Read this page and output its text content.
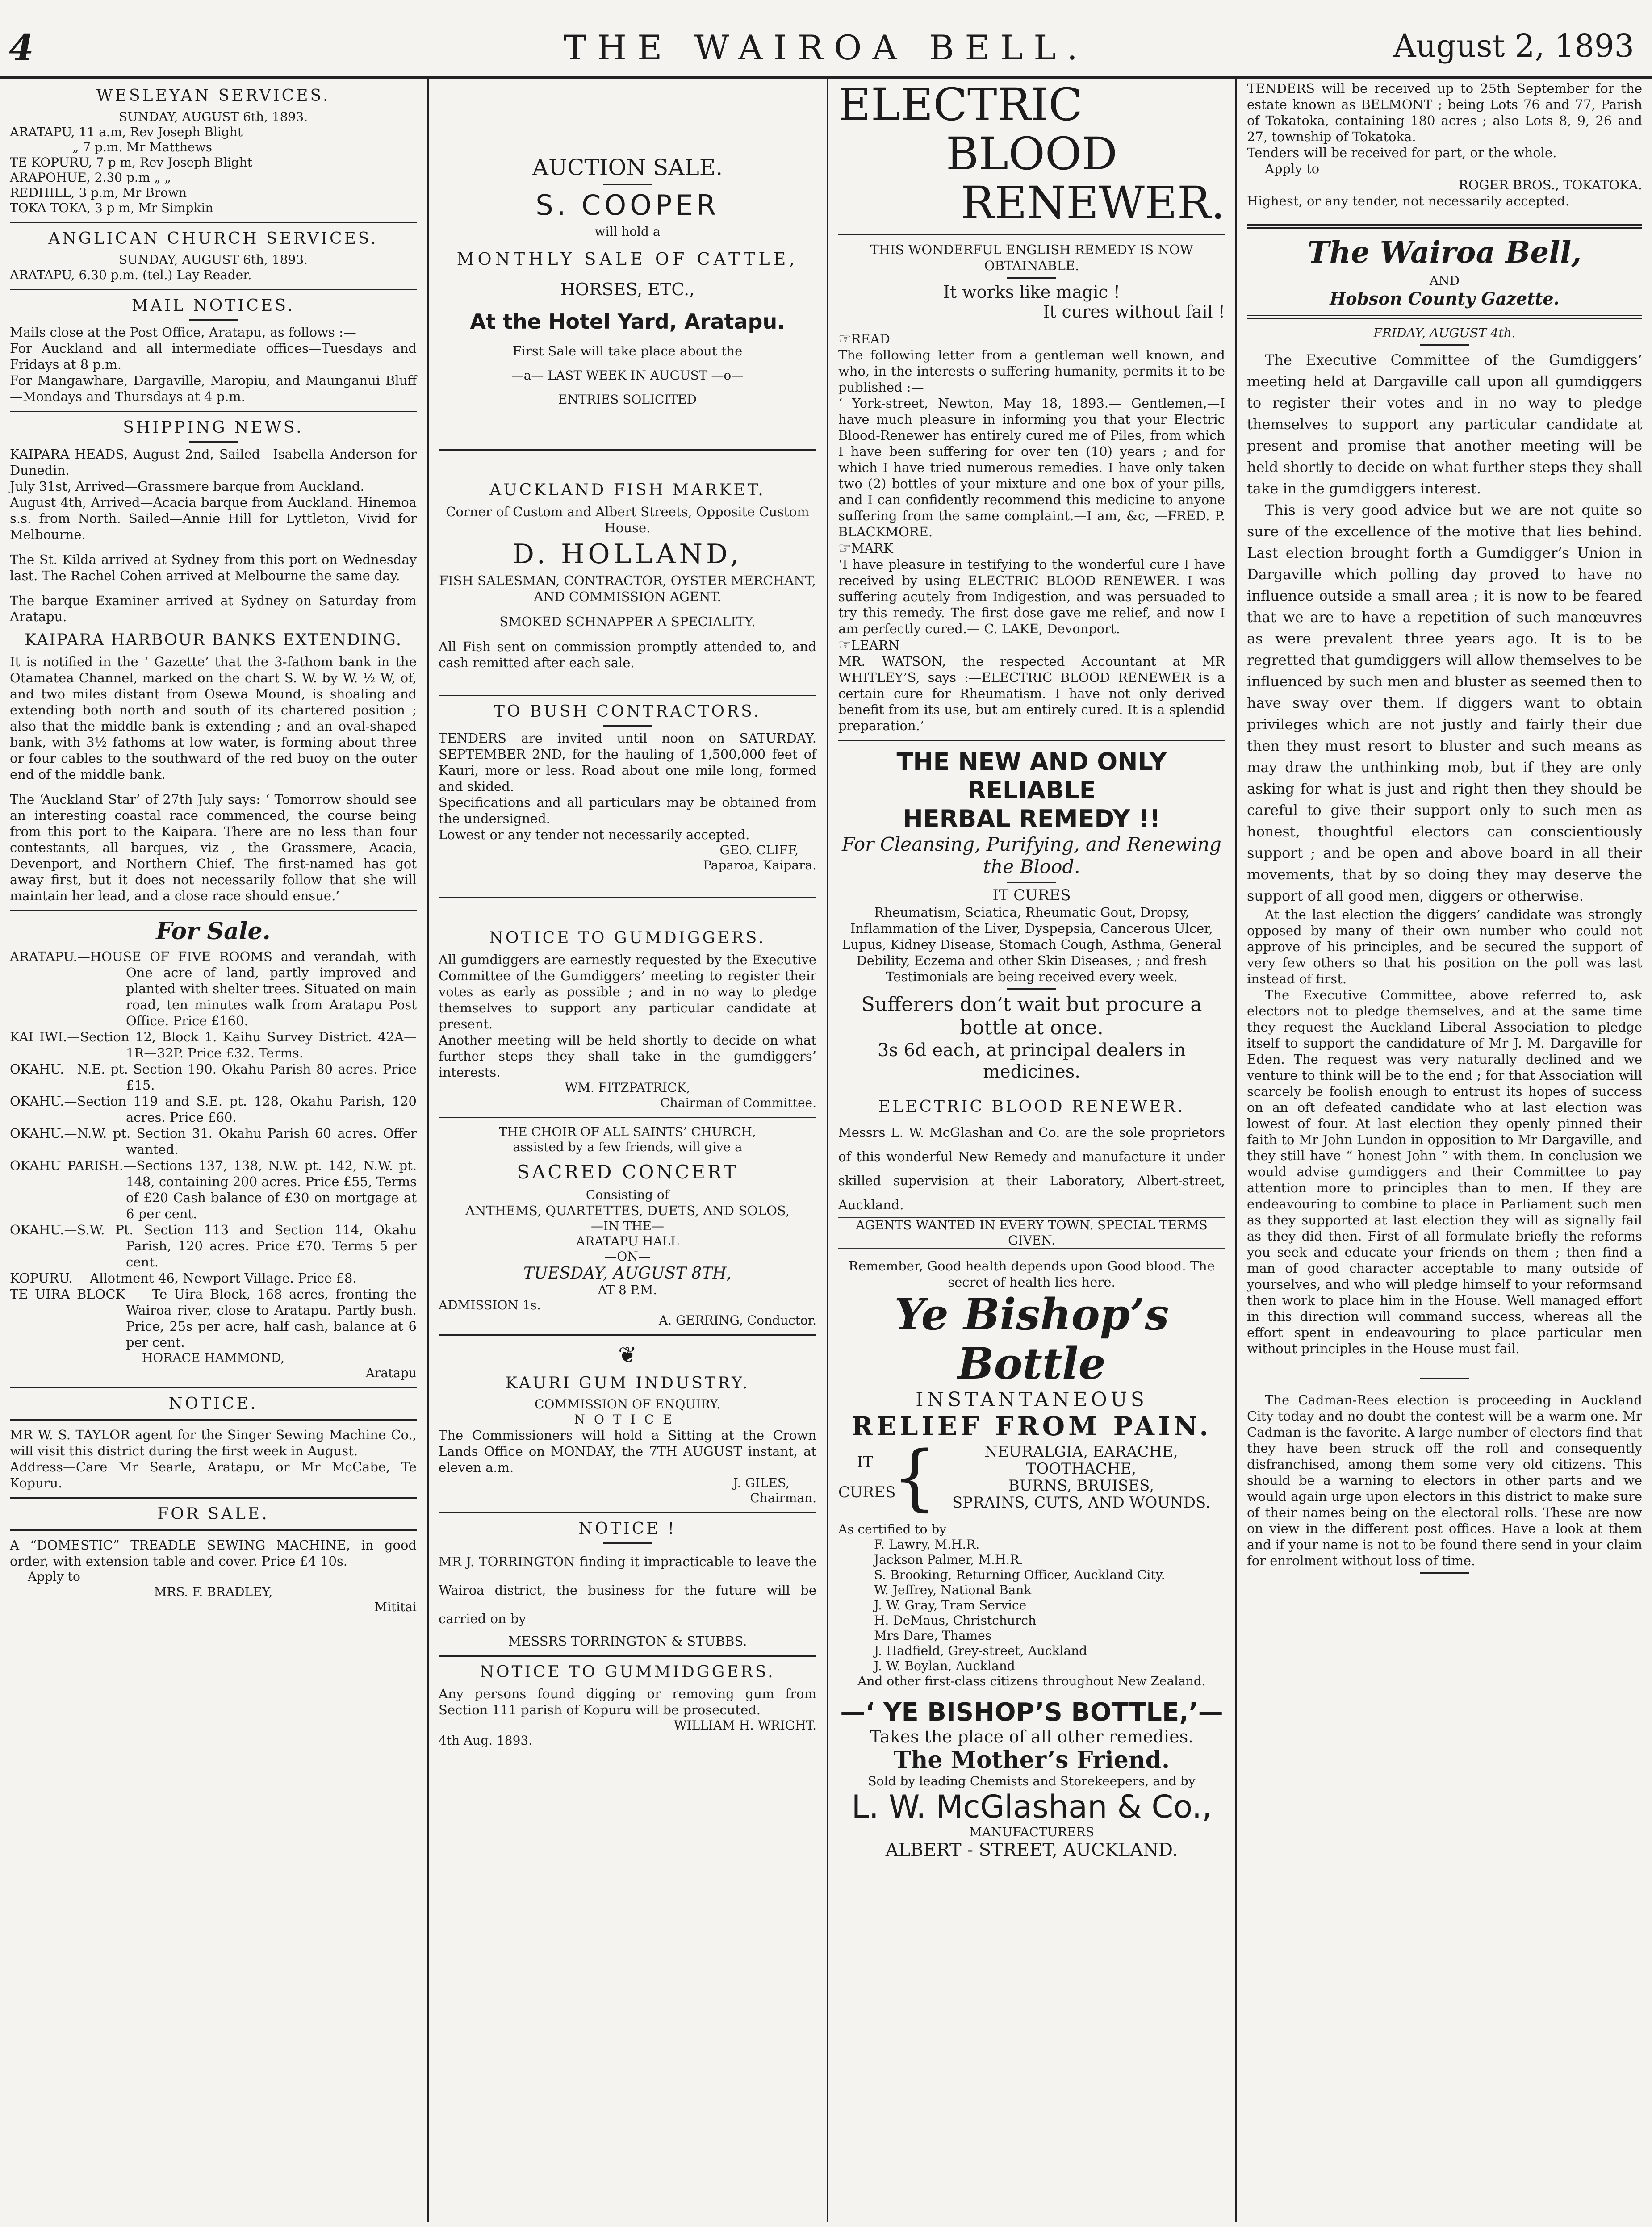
4	THE WAIROA BELL.	August 2, 1893
WESLEYAN SERVICES.

SUNDAY, AUGUST 6th, 1893.

ARATAPU, 11 a.m, Rev Joseph Blight

„ 7 p.m. Mr Matthews

TE KOPURU, 7 p m, Rev Joseph Blight

ARAPOHUE, 2.30 p.m „ „

REDHILL, 3 p.m, Mr Brown

TOKA TOKA, 3 p m, Mr Simpkin

ANGLICAN CHURCH SERVICES.

SUNDAY, AUGUST 6th, 1893.

ARATAPU, 6.30 p.m. (tel.) Lay Reader.

MAIL NOTICES.

Mails close at the Post Office, Aratapu, as follows :—

For Auckland and all intermediate offices—Tuesdays and Fridays at 8 p.m.

For Mangawhare, Dargaville, Maropiu, and Maunganui Bluff—Mondays and Thursdays at 4 p.m.

SHIPPING NEWS.

KAIPARA HEADS, August 2nd, Sailed—Isabella Anderson for Dunedin.

July 31st, Arrived—Grassmere barque from Auckland.

August 4th, Arrived—Acacia barque from Auckland. Hinemoa s.s. from North. Sailed—Annie Hill for Lyttleton, Vivid for Melbourne.

The St. Kilda arrived at Sydney from this port on Wednesday last. The Rachel Cohen arrived at Melbourne the same day.

The barque Examiner arrived at Sydney on Saturday from Aratapu.

KAIPARA HARBOUR BANKS EXTENDING.

It is notified in the ‘ Gazette’ that the 3-fathom bank in the Otamatea Channel, marked on the chart S. W. by W. ½ W, of, and two miles distant from Osewa Mound, is shoaling and extending both north and south of its chartered position ; also that the middle bank is extending ; and an oval-shaped bank, with 3½ fathoms at low water, is forming about three or four cables to the southward of the red buoy on the outer end of the middle bank.

The ‘Auckland Star’ of 27th July says: ‘ Tomorrow should see an interesting coastal race commenced, the course being from this port to the Kaipara. There are no less than four contestants, all barques, viz , the Grassmere, Acacia, Devenport, and Northern Chief. The first-named has got away first, but it does not necessarily follow that she will maintain her lead, and a close race should ensue.’

For Sale.

ARATAPU.—HOUSE OF FIVE ROOMS and verandah, with One acre of land, partly improved and planted with shelter trees. Situated on main road, ten minutes walk from Aratapu Post Office. Price £160.

KAI IWI.—Section 12, Block 1. Kaihu Survey District. 42A—1R—32P. Price £32. Terms.

OKAHU.—N.E. pt. Section 190. Okahu Parish 80 acres. Price £15.

OKAHU.—Section 119 and S.E. pt. 128, Okahu Parish, 120 acres. Price £60.

OKAHU.—N.W. pt. Section 31. Okahu Parish 60 acres. Offer wanted.

OKAHU PARISH.—Sections 137, 138, N.W. pt. 142, N.W. pt. 148, containing 200 acres. Price £55, Terms of £20 Cash balance of £30 on mortgage at 6 per cent.

OKAHU.—S.W. Pt. Section 113 and Section 114, Okahu Parish, 120 acres. Price £70. Terms 5 per cent.

KOPURU.— Allotment 46, Newport Village. Price £8.

TE UIRA BLOCK — Te Uira Block, 168 acres, fronting the Wairoa river, close to Aratapu. Partly bush. Price, 25s per acre, half cash, balance at 6 per cent.

HORACE HAMMOND,

Aratapu

NOTICE.

MR W. S. TAYLOR agent for the Singer Sewing Machine Co., will visit this district during the first week in August.

Address—Care Mr Searle, Aratapu, or Mr McCabe, Te Kopuru.

FOR SALE.

A “DOMESTIC” TREADLE SEWING MACHINE, in good order, with extension table and cover. Price £4 10s.

Apply to

MRS. F. BRADLEY,

Mititai

AUCTION SALE.
S. COOPER

will hold a

MONTHLY SALE OF CATTLE,

HORSES, ETC.,

At the Hotel Yard, Aratapu.

First Sale will take place about the

—a— LAST WEEK IN AUGUST —o—

ENTRIES SOLICITED

AUCKLAND FISH MARKET.

Corner of Custom and Albert Streets, Opposite Custom House.

D. HOLLAND,

FISH SALESMAN, CONTRACTOR, OYSTER MERCHANT, AND COMMISSION AGENT.

SMOKED SCHNAPPER A SPECIALITY.

All Fish sent on commission promptly attended to, and cash remitted after each sale.

TO BUSH CONTRACTORS.

TENDERS are invited until noon on SATURDAY. SEPTEMBER 2ND, for the hauling of 1,500,000 feet of Kauri, more or less. Road about one mile long, formed and skided.

Specifications and all particulars may be obtained from the undersigned.

Lowest or any tender not necessarily accepted.

GEO. CLIFF,

Paparoa, Kaipara.

NOTICE TO GUMDIGGERS.

All gumdiggers are earnestly requested by the Executive Committee of the Gumdiggers’ meeting to register their votes as early as possible ; and in no way to pledge themselves to support any particular candidate at present.

Another meeting will be held shortly to decide on what further steps they shall take in the gumdiggers’ interests.

WM. FITZPATRICK,

Chairman of Committee.

THE CHOIR OF ALL SAINTS’ CHURCH,

assisted by a few friends, will give a

SACRED CONCERT

Consisting of

ANTHEMS, QUARTETTES, DUETS, AND SOLOS,

—IN THE—

ARATAPU HALL

—ON—

TUESDAY, AUGUST 8TH,

AT 8 P.M.

ADMISSION 1s.

A. GERRING, Conductor.

❦
KAURI GUM INDUSTRY.

COMMISSION OF ENQUIRY.

NOTICE

The Commissioners will hold a Sitting at the Crown Lands Office on MONDAY, the 7TH AUGUST instant, at eleven a.m.

J. GILES,

Chairman.

NOTICE !

MR J. TORRINGTON finding it impracticable to leave the Wairoa district, the business for the future will be carried on by

MESSRS TORRINGTON & STUBBS.

NOTICE TO GUMMIDGGERS.

Any persons found digging or removing gum from Section 111 parish of Kopuru will be prosecuted.

WILLIAM H. WRIGHT.

4th Aug. 1893.

ELECTRIC
BLOOD
RENEWER.

THIS WONDERFUL ENGLISH REMEDY IS NOW OBTAINABLE.

It works like magic !

It cures without fail !

☞READ

The following letter from a gentleman well known, and who, in the interests o suffering humanity, permits it to be published :—

‘ York-street, Newton, May 18, 1893.— Gentlemen,—I have much pleasure in informing you that your Electric Blood-Renewer has entirely cured me of Piles, from which I have been suffering for over ten (10) years ; and for which I have tried numerous remedies. I have only taken two (2) bottles of your mixture and one box of your pills, and I can confidently recommend this medicine to anyone suffering from the same complaint.—I am, &c, —FRED. P. BLACKMORE.

☞MARK

‘I have pleasure in testifying to the wonderful cure I have received by using ELECTRIC BLOOD RENEWER. I was suffering acutely from Indigestion, and was persuaded to try this remedy. The first dose gave me relief, and now I am perfectly cured.— C. LAKE, Devonport.

☞LEARN

MR. WATSON, the respected Accountant at MR WHITLEY’S, says :—ELECTRIC BLOOD RENEWER is a certain cure for Rheumatism. I have not only derived benefit from its use, but am entirely cured. It is a splendid preparation.’

THE NEW AND ONLY RELIABLE

HERBAL REMEDY !!

For Cleansing, Purifying, and Renewing the Blood.

IT CURES

Rheumatism, Sciatica, Rheumatic Gout, Dropsy, Inflammation of the Liver, Dyspepsia, Cancerous Ulcer, Lupus, Kidney Disease, Stomach Cough, Asthma, General Debility, Eczema and other Skin Diseases, ; and fresh Testimonials are being received every week.

Sufferers don’t wait but procure a bottle at once.

3s 6d each, at principal dealers in medicines.

ELECTRIC BLOOD RENEWER.

Messrs L. W. McGlashan and Co. are the sole proprietors of this wonderful New Remedy and manufacture it under skilled supervision at their Laboratory, Albert-street, Auckland.

AGENTS WANTED IN EVERY TOWN. SPECIAL TERMS GIVEN.

Remember, Good health depends upon Good blood. The secret of health lies here.

Ye Bishop’s Bottle

INSTANTANEOUS

RELIEF FROM PAIN.

IT

CURES

{	NEURALGIA, EARACHE, TOOTHACHE,

BURNS, BRUISES,

SPRAINS, CUTS, AND WOUNDS.

As certified to by

F. Lawry, M.H.R.

Jackson Palmer, M.H.R.

S. Brooking, Returning Officer, Auckland City.

W. Jeffrey, National Bank

J. W. Gray, Tram Service

H. DeMaus, Christchurch

Mrs Dare, Thames

J. Hadfield, Grey-street, Auckland

J. W. Boylan, Auckland

And other first-class citizens throughout New Zealand.

—‘ YE BISHOP’S BOTTLE,’—

Takes the place of all other remedies.

The Mother’s Friend.

Sold by leading Chemists and Storekeepers, and by

L. W. McGlashan & Co.,

MANUFACTURERS

ALBERT - STREET, AUCKLAND.

TENDERS will be received up to 25th September for the estate known as BELMONT ; being Lots 76 and 77, Parish of Tokatoka, containing 180 acres ; also Lots 8, 9, 26 and 27, township of Tokatoka.

Tenders will be received for part, or the whole.

Apply to

ROGER BROS., TOKATOKA.

Highest, or any tender, not necessarily accepted.

The Wairoa Bell,

AND

Hobson County Gazette.

FRIDAY, AUGUST 4th.

The Executive Committee of the Gumdiggers’ meeting held at Dargaville call upon all gumdiggers to register their votes and in no way to pledge themselves to support any particular candidate at present and promise that another meeting will be held shortly to decide on what further steps they shall take in the gumdiggers interest.

This is very good advice but we are not quite so sure of the excellence of the motive that lies behind. Last election brought forth a Gumdigger’s Union in Dargaville which polling day proved to have no influence outside a small area ; it is now to be feared that we are to have a repetition of such manœuvres as were prevalent three years ago. It is to be regretted that gumdiggers will allow themselves to be influenced by such men and bluster as seemed then to have sway over them. If diggers want to obtain privileges which are not justly and fairly their due then they must resort to bluster and such means as may draw the unthinking mob, but if they are only asking for what is just and right then they should be careful to give their support only to such men as honest, thoughtful electors can conscientiously support ; and be open and above board in all their movements, that by so doing they may deserve the support of all good men, diggers or otherwise.

At the last election the diggers’ candidate was strongly opposed by many of their own number who could not approve of his principles, and be secured the support of very few others so that his position on the poll was last instead of first.

The Executive Committee, above referred to, ask electors not to pledge themselves, and at the same time they request the Auckland Liberal Association to pledge itself to support the candidature of Mr J. M. Dargaville for Eden. The request was very naturally declined and we venture to think will be to the end ; for that Association will scarcely be foolish enough to entrust its hopes of success on an oft defeated candidate who at last election was lowest of four. At last election they openly pinned their faith to Mr John Lundon in opposition to Mr Dargaville, and they still have “ honest John ” with them. In conclusion we would advise gumdiggers and their Committee to pay attention more to principles than to men. If they are endeavouring to combine to place in Parliament such men as they supported at last election they will as signally fail as they did then. First of all formulate briefly the reforms you seek and educate your friends on them ; then find a man of good character acceptable to many outside of yourselves, and who will pledge himself to your reformsand then work to place him in the House. Well managed effort in this direction will command success, whereas all the effort spent in endeavouring to place particular men without principles in the House must fail.

The Cadman-Rees election is proceeding in Auckland City today and no doubt the contest will be a warm one. Mr Cadman is the favorite. A large number of electors find that they have been struck off the roll and consequently disfranchised, among them some very old citizens. This should be a warning to electors in other parts and we would again urge upon electors in this district to make sure of their names being on the electoral rolls. These are now on view in the different post offices. Have a look at them and if your name is not to be found there send in your claim for enrolment without loss of time.
